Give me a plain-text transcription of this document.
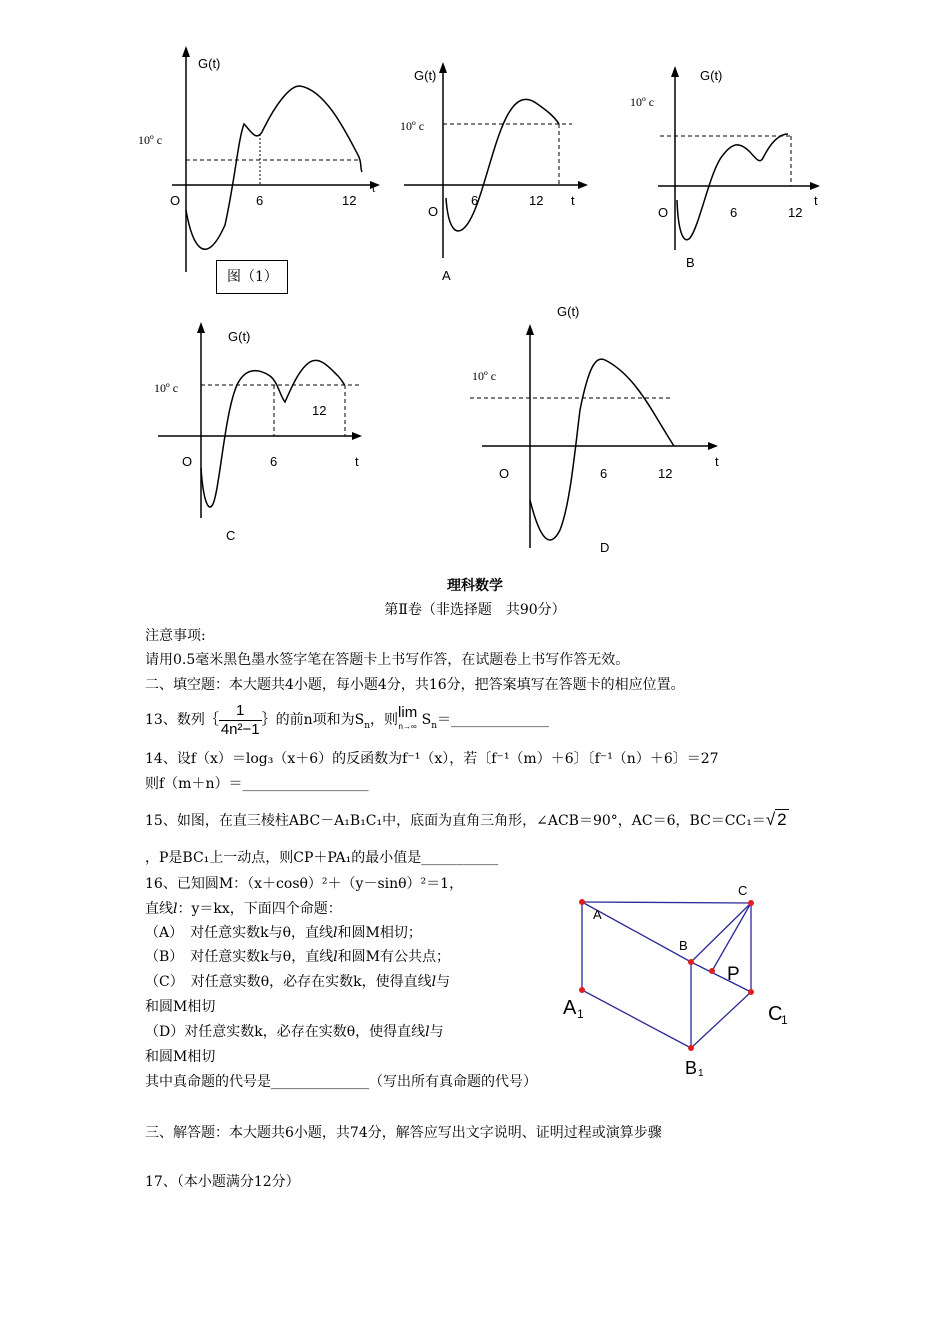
G(t)
10º c
O	6	12
t
图（1）
G(t)
10º c
O
6	12 t
A
G(t)
10º c
O	6	12
t
B
G(t)
10º c
O	6
12
t
C
G(t)
10º c
O	6	12
t
D
理科数学
第Ⅱ卷（非选择题　共90分）
注意事项:
请用0.5毫米黑色墨水签字笔在答题卡上书写作答，在试题卷上书写作答无效。
二、填空题：本大题共4小题，每小题4分，共16分，把答案填写在答题卡的相应位置。
13、数列｛ $\frac{1}{\text{4n²−1}}$ ｝的前n项和为$S_n$，则 lim
n→∞ $S_n=\_\_\_\_\_\_\_\_\_\_\_\_\_\_$
14、设f（x）＝log₃（x＋6）的反函数为f⁻¹（x），若〔f⁻¹（m）＋6〕〔f⁻¹（n）＋6〕＝27
则f（m＋n）＝__________________
15、如图，在直三棱柱ABC－A₁B₁C₁中，底面为直角三角形，∠ACB＝90°，AC＝6，BC＝CC₁＝√ 2
，P是BC₁上一动点，则CP＋PA₁的最小值是___________
16、已知圆M：（x＋cosθ）²＋（y－sinθ）²＝1，
直线l：y＝kx，下面四个命题：
（A）　对任意实数k与θ，直线l和圆M相切；
（B）　对任意实数k与θ，直线l和圆M有公共点；
（C）　对任意实数θ，必存在实数k，使得直线l与
和圆M相切
（D）对任意实数k，必存在实数θ，使得直线l与
和圆M相切
其中真命题的代号是______________（写出所有真命题的代号）
A
C
B
P
A 1	C
1
B 1
三、解答题：本大题共6小题，共74分，解答应写出文字说明、证明过程或演算步骤
17、（本小题满分12分）
